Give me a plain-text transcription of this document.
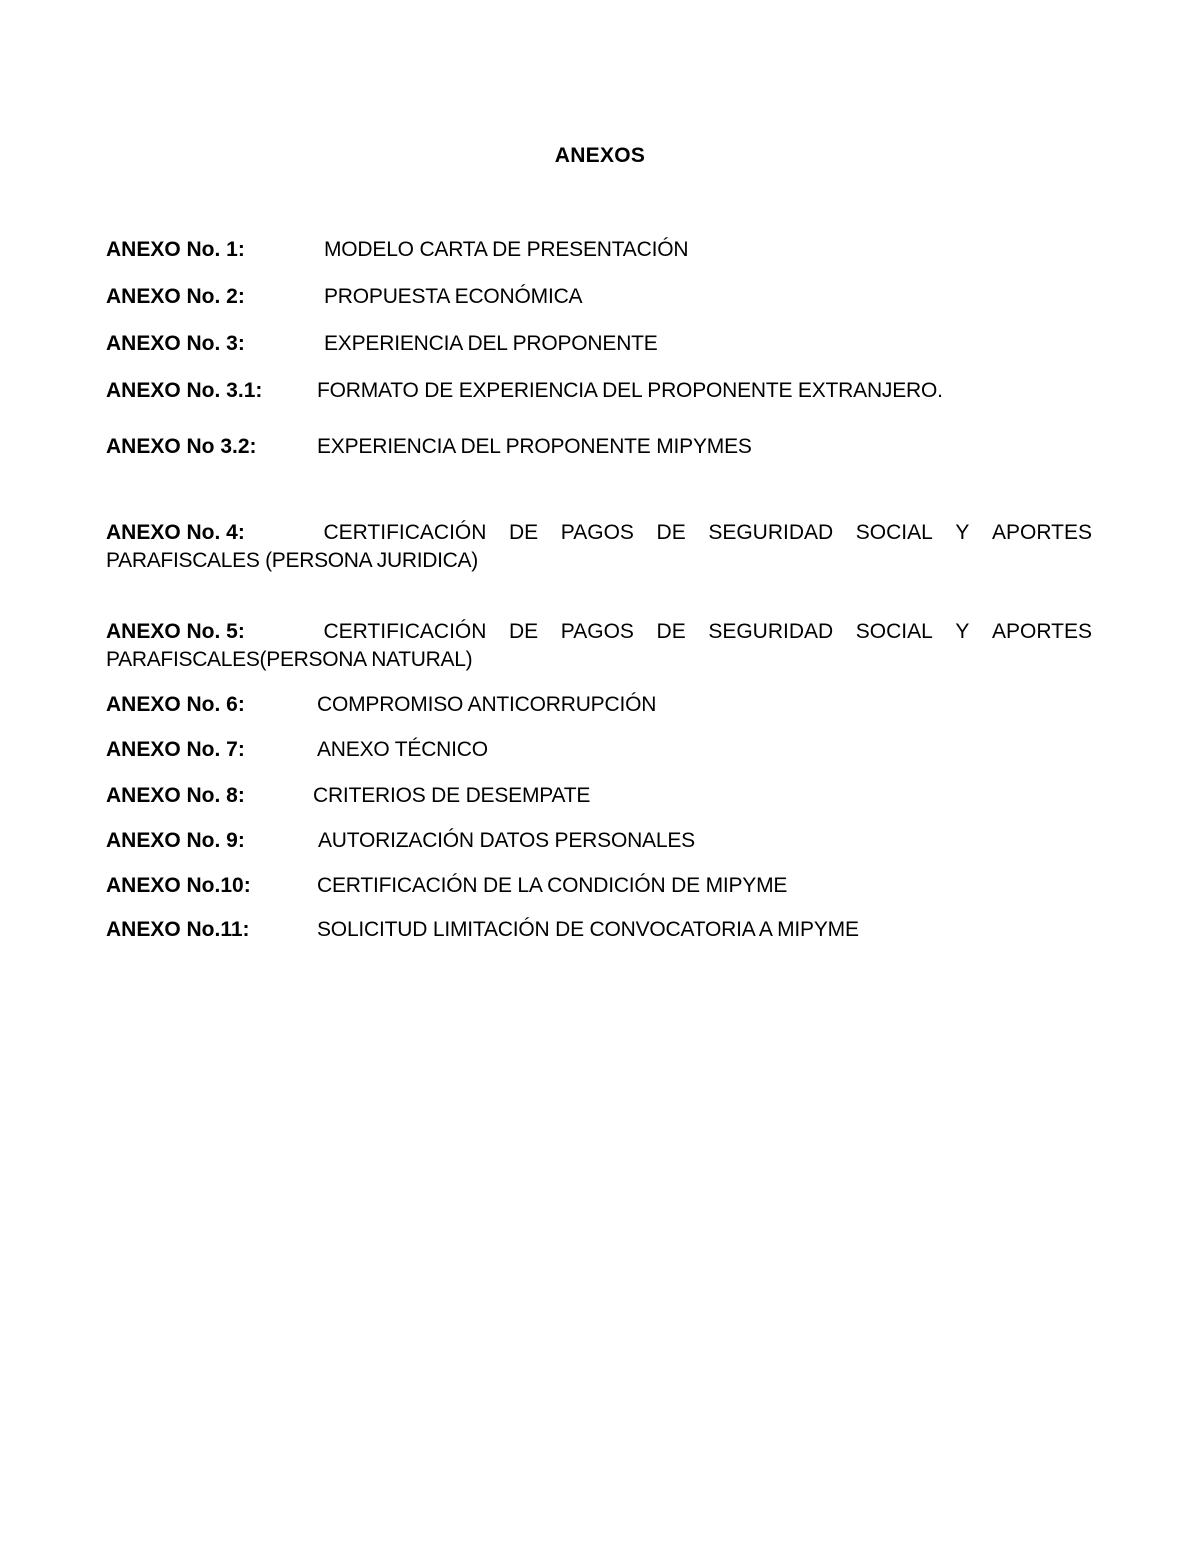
ANEXOS
ANEXO No. 1:	MODELO CARTA DE PRESENTACIÓN
ANEXO No. 2:	PROPUESTA ECONÓMICA
ANEXO No. 3:	EXPERIENCIA DEL PROPONENTE
ANEXO No. 3.1:	FORMATO DE EXPERIENCIA DEL PROPONENTE EXTRANJERO.
ANEXO No 3.2:	EXPERIENCIA DEL PROPONENTE MIPYMES
ANEXO No. 4:	CERTIFICACIÓN DE PAGOS DE SEGURIDAD SOCIAL Y APORTES
PARAFISCALES (PERSONA JURIDICA)
ANEXO No. 5:	CERTIFICACIÓN DE PAGOS DE SEGURIDAD SOCIAL Y APORTES
PARAFISCALES(PERSONA NATURAL)
ANEXO No. 6:	COMPROMISO ANTICORRUPCIÓN
ANEXO No. 7:	ANEXO TÉCNICO
ANEXO No. 8:	CRITERIOS DE DESEMPATE
ANEXO No. 9:	AUTORIZACIÓN DATOS PERSONALES
ANEXO No.10:	CERTIFICACIÓN DE LA CONDICIÓN DE MIPYME
ANEXO No.11:	SOLICITUD LIMITACIÓN DE CONVOCATORIA A MIPYME
